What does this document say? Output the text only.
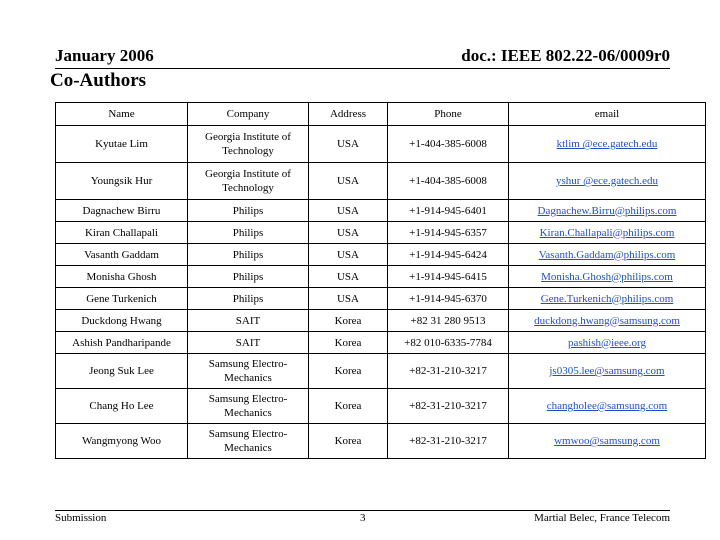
January 2006	doc.: IEEE 802.22-06/0009r0
Co-Authors
Name	Company	Address	Phone	email
Kyutae Lim	Georgia Institute of Technology	USA	+1-404-385-6008	ktlim @ece.gatech.edu
Youngsik Hur	Georgia Institute of Technology	USA	+1-404-385-6008	yshur @ece.gatech.edu
Dagnachew Birru	Philips	USA	+1-914-945-6401	Dagnachew.Birru@philips.com
Kiran Challapali	Philips	USA	+1-914-945-6357	Kiran.Challapali@philips.com
Vasanth Gaddam	Philips	USA	+1-914-945-6424	Vasanth.Gaddam@philips.com
Monisha Ghosh	Philips	USA	+1-914-945-6415	Monisha.Ghosh@philips.com
Gene Turkenich	Philips	USA	+1-914-945-6370	Gene.Turkenich@philips.com
Duckdong Hwang	SAIT	Korea	+82 31 280 9513	duckdong.hwang@samsung.com
Ashish Pandharipande	SAIT	Korea	+82 010-6335-7784	pashish@ieee.org
Jeong Suk Lee	Samsung Electro-Mechanics	Korea	+82-31-210-3217	js0305.lee@samsung.com
Chang Ho Lee	Samsung Electro-Mechanics	Korea	+82-31-210-3217	changholee@samsung.com
Wangmyong Woo	Samsung Electro-Mechanics	Korea	+82-31-210-3217	wmwoo@samsung.com
Submission	3	Martial Belec, France Telecom
